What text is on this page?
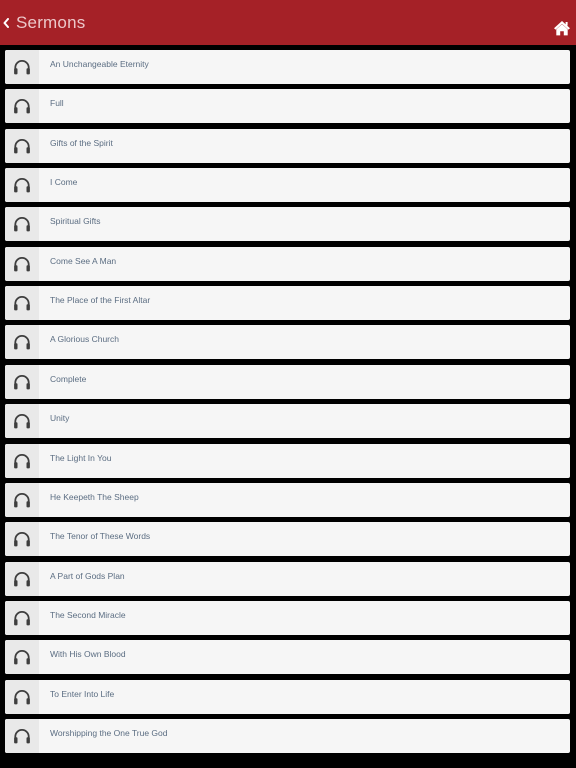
Sermons
An Unchangeable Eternity
Full
Gifts of the Spirit
I Come
Spiritual Gifts
Come See A Man
The Place of the First Altar
A Glorious Church
Complete
Unity
The Light In You
He Keepeth The Sheep
The Tenor of These Words
A Part of Gods Plan
The Second Miracle
With His Own Blood
To Enter Into Life
Worshipping the One True God
